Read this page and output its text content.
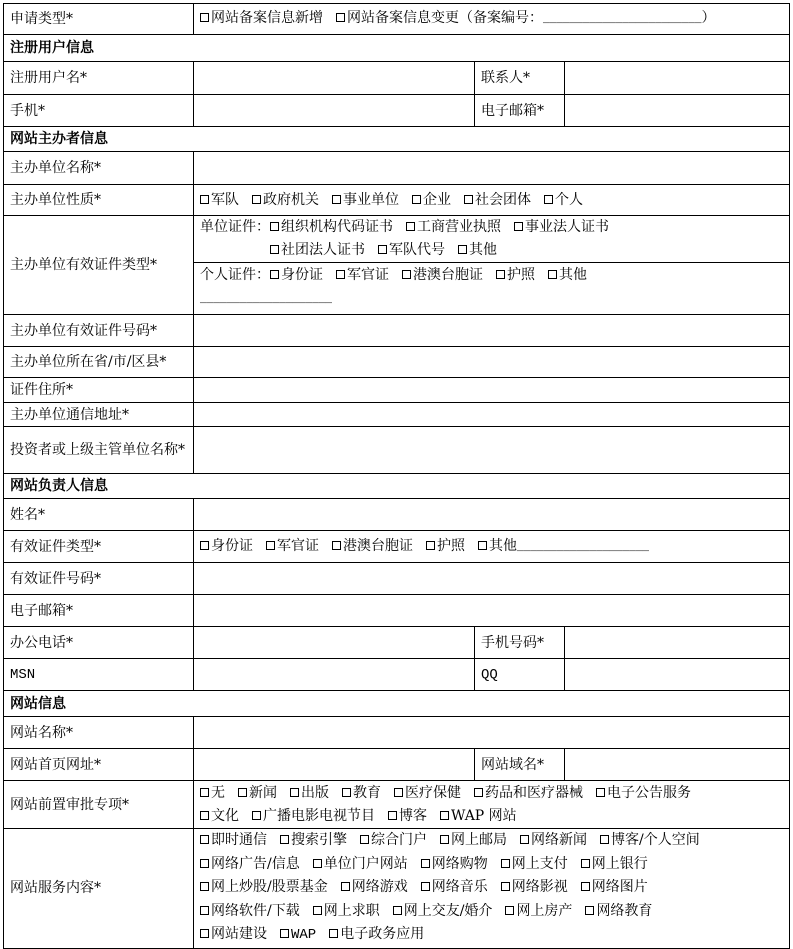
申请类型*	网站备案信息新增 网站备案信息变更（备案编号：________________________）		
注册用户信息			
注册用户名*		联系人*	
手机*		电子邮箱*	
网站主办者信息			
主办单位名称*			
主办单位性质*	军队 政府机关 事业单位 企业 社会团体 个人		
主办单位有效证件类型*	单位证件： 组织机构代码证书 工商营业执照 事业法人证书
社团法人证书 军队代号 其他
个人证件： 身份证 军官证 港澳台胞证 护照 其他
____________________		

主办单位有效证件号码*			
主办单位所在省/市/区县*			
证件住所*			
主办单位通信地址*			
投资者或上级主管单位名称*			
网站负责人信息			
姓名*			
有效证件类型*	身份证 军官证 港澳台胞证 护照 其他____________________		
有效证件号码*			
电子邮箱*			
办公电话*		手机号码*	
MSN		QQ	
网站信息			
网站名称*			
网站首页网址*		网站域名*	
网站前置审批专项*	无 新闻 出版 教育 医疗保健 药品和医疗器械 电子公告服务
文化 广播电影电视节目 博客 WAP 网站		

网站服务内容*	即时通信 搜索引擎 综合门户 网上邮局 网络新闻 博客/个人空间
网络广告/信息 单位门户网站 网络购物 网上支付 网上银行
网上炒股/股票基金 网络游戏 网络音乐 网络影视 网络图片
网络软件/下载 网上求职 网上交友/婚介 网上房产 网络教育
网站建设 WAP 电子政务应用		
